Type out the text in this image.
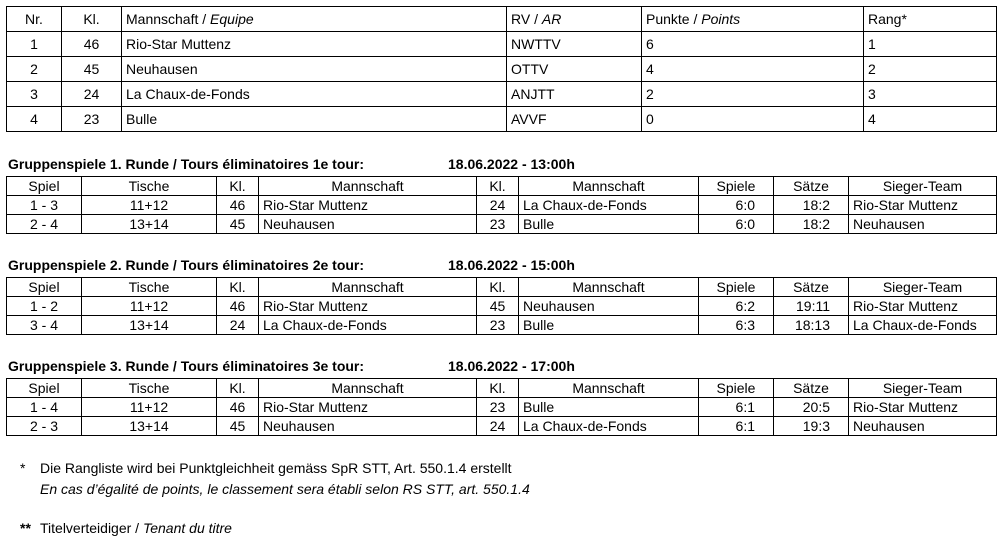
Nr.	Kl.	Mannschaft / Equipe	RV / AR	Punkte / Points	Rang*
1	46	Rio-Star Muttenz	NWTTV	6	1
2	45	Neuhausen	OTTV	4	2
3	24	La Chaux-de-Fonds	ANJTT	2	3
4	23	Bulle	AVVF	0	4
Gruppenspiele 1. Runde / Tours éliminatoires 1e tour:	18.06.2022 - 13:00h
Spiel	Tische	Kl.	Mannschaft	Kl.	Mannschaft	Spiele	Sätze	Sieger-Team
1 - 3	11+12	46	Rio-Star Muttenz	24	La Chaux-de-Fonds	6:0	18:2	Rio-Star Muttenz
2 - 4	13+14	45	Neuhausen	23	Bulle	6:0	18:2	Neuhausen
Gruppenspiele 2. Runde / Tours éliminatoires 2e tour:	18.06.2022 - 15:00h
Spiel	Tische	Kl.	Mannschaft	Kl.	Mannschaft	Spiele	Sätze	Sieger-Team
1 - 2	11+12	46	Rio-Star Muttenz	45	Neuhausen	6:2	19:11	Rio-Star Muttenz
3 - 4	13+14	24	La Chaux-de-Fonds	23	Bulle	6:3	18:13	La Chaux-de-Fonds
Gruppenspiele 3. Runde / Tours éliminatoires 3e tour:	18.06.2022 - 17:00h
Spiel	Tische	Kl.	Mannschaft	Kl.	Mannschaft	Spiele	Sätze	Sieger-Team
1 - 4	11+12	46	Rio-Star Muttenz	23	Bulle	6:1	20:5	Rio-Star Muttenz
2 - 3	13+14	45	Neuhausen	24	La Chaux-de-Fonds	6:1	19:3	Neuhausen
* Die Rangliste wird bei Punktgleichheit gemäss SpR STT, Art. 550.1.4 erstellt
En cas d’égalité de points, le classement sera établi selon RS STT, art. 550.1.4
** Titelverteidiger / Tenant du titre
